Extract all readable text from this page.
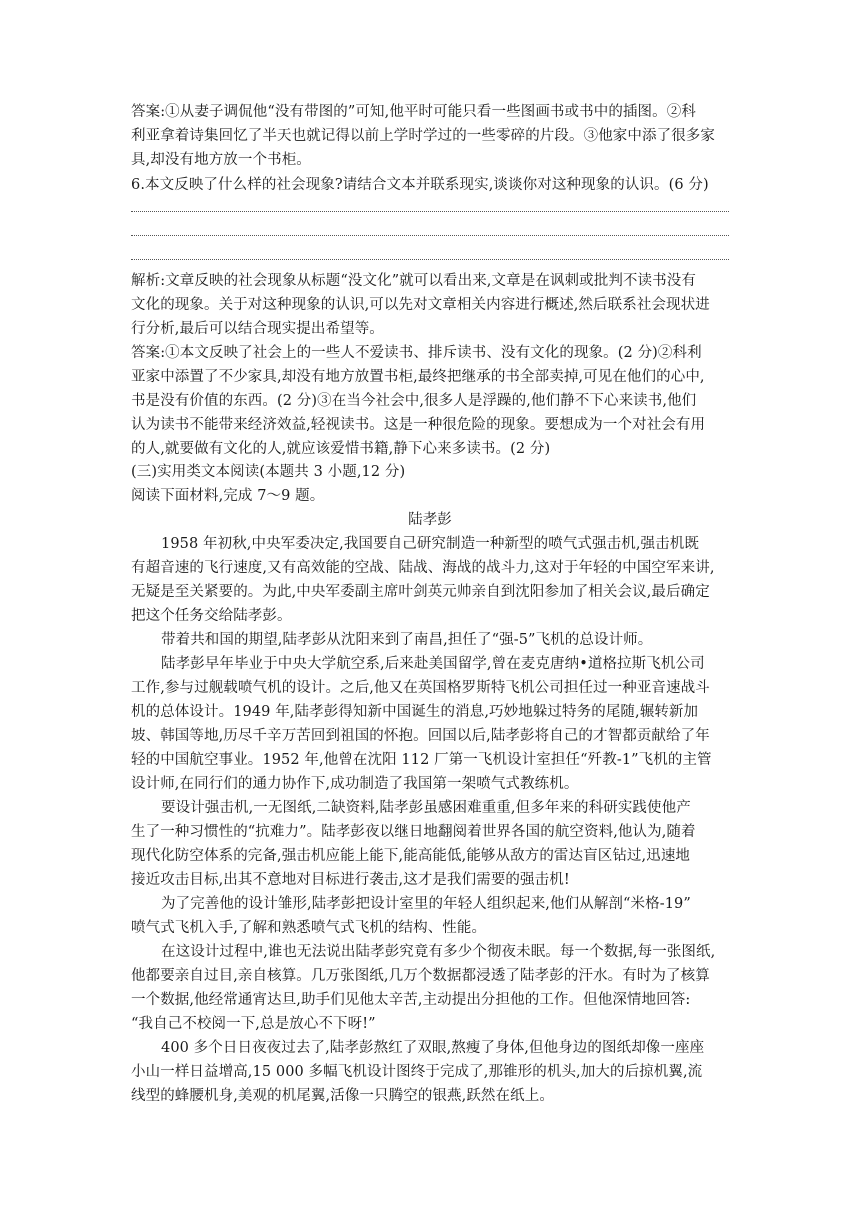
答案:①从妻子调侃他“没有带图的”可知,他平时可能只看一些图画书或书中的插图。②科
利亚拿着诗集回忆了半天也就记得以前上学时学过的一些零碎的片段。③他家中添了很多家
具,却没有地方放一个书柜。
6.本文反映了什么样的社会现象?请结合文本并联系现实,谈谈你对这种现象的认识。(6 分)
解析:文章反映的社会现象从标题“没文化”就可以看出来,文章是在讽刺或批判不读书没有
文化的现象。关于对这种现象的认识,可以先对文章相关内容进行概述,然后联系社会现状进
行分析,最后可以结合现实提出希望等。
答案:①本文反映了社会上的一些人不爱读书、排斥读书、没有文化的现象。(2 分)②科利
亚家中添置了不少家具,却没有地方放置书柜,最终把继承的书全部卖掉,可见在他们的心中,
书是没有价值的东西。(2 分)③在当今社会中,很多人是浮躁的,他们静不下心来读书,他们
认为读书不能带来经济效益,轻视读书。这是一种很危险的现象。要想成为一个对社会有用
的人,就要做有文化的人,就应该爱惜书籍,静下心来多读书。(2 分)
(三)实用类文本阅读(本题共 3 小题,12 分)
阅读下面材料,完成 7～9 题。
陆孝彭
1958 年初秋,中央军委决定,我国要自己研究制造一种新型的喷气式强击机,强击机既
有超音速的飞行速度,又有高效能的空战、陆战、海战的战斗力,这对于年轻的中国空军来讲,
无疑是至关紧要的。为此,中央军委副主席叶剑英元帅亲自到沈阳参加了相关会议,最后确定
把这个任务交给陆孝彭。
带着共和国的期望,陆孝彭从沈阳来到了南昌,担任了“强-5”飞机的总设计师。
陆孝彭早年毕业于中央大学航空系,后来赴美国留学,曾在麦克唐纳•道格拉斯飞机公司
工作,参与过舰载喷气机的设计。之后,他又在英国格罗斯特飞机公司担任过一种亚音速战斗
机的总体设计。1949 年,陆孝彭得知新中国诞生的消息,巧妙地躲过特务的尾随,辗转新加
坡、韩国等地,历尽千辛万苦回到祖国的怀抱。回国以后,陆孝彭将自己的才智都贡献给了年
轻的中国航空事业。1952 年,他曾在沈阳 112 厂第一飞机设计室担任“歼教-1”飞机的主管
设计师,在同行们的通力协作下,成功制造了我国第一架喷气式教练机。
要设计强击机,一无图纸,二缺资料,陆孝彭虽感困难重重,但多年来的科研实践使他产
生了一种习惯性的“抗难力”。陆孝彭夜以继日地翻阅着世界各国的航空资料,他认为,随着
现代化防空体系的完备,强击机应能上能下,能高能低,能够从敌方的雷达盲区钻过,迅速地
接近攻击目标,出其不意地对目标进行袭击,这才是我们需要的强击机!
为了完善他的设计雏形,陆孝彭把设计室里的年轻人组织起来,他们从解剖“米格-19”
喷气式飞机入手,了解和熟悉喷气式飞机的结构、性能。
在这设计过程中,谁也无法说出陆孝彭究竟有多少个彻夜未眠。每一个数据,每一张图纸,
他都要亲自过目,亲自核算。几万张图纸,几万个数据都浸透了陆孝彭的汗水。有时为了核算
一个数据,他经常通宵达旦,助手们见他太辛苦,主动提出分担他的工作。但他深情地回答:
“我自己不校阅一下,总是放心不下呀!”
400 多个日日夜夜过去了,陆孝彭熬红了双眼,熬瘦了身体,但他身边的图纸却像一座座
小山一样日益增高,15 000 多幅飞机设计图终于完成了,那锥形的机头,加大的后掠机翼,流
线型的蜂腰机身,美观的机尾翼,活像一只腾空的银燕,跃然在纸上。
